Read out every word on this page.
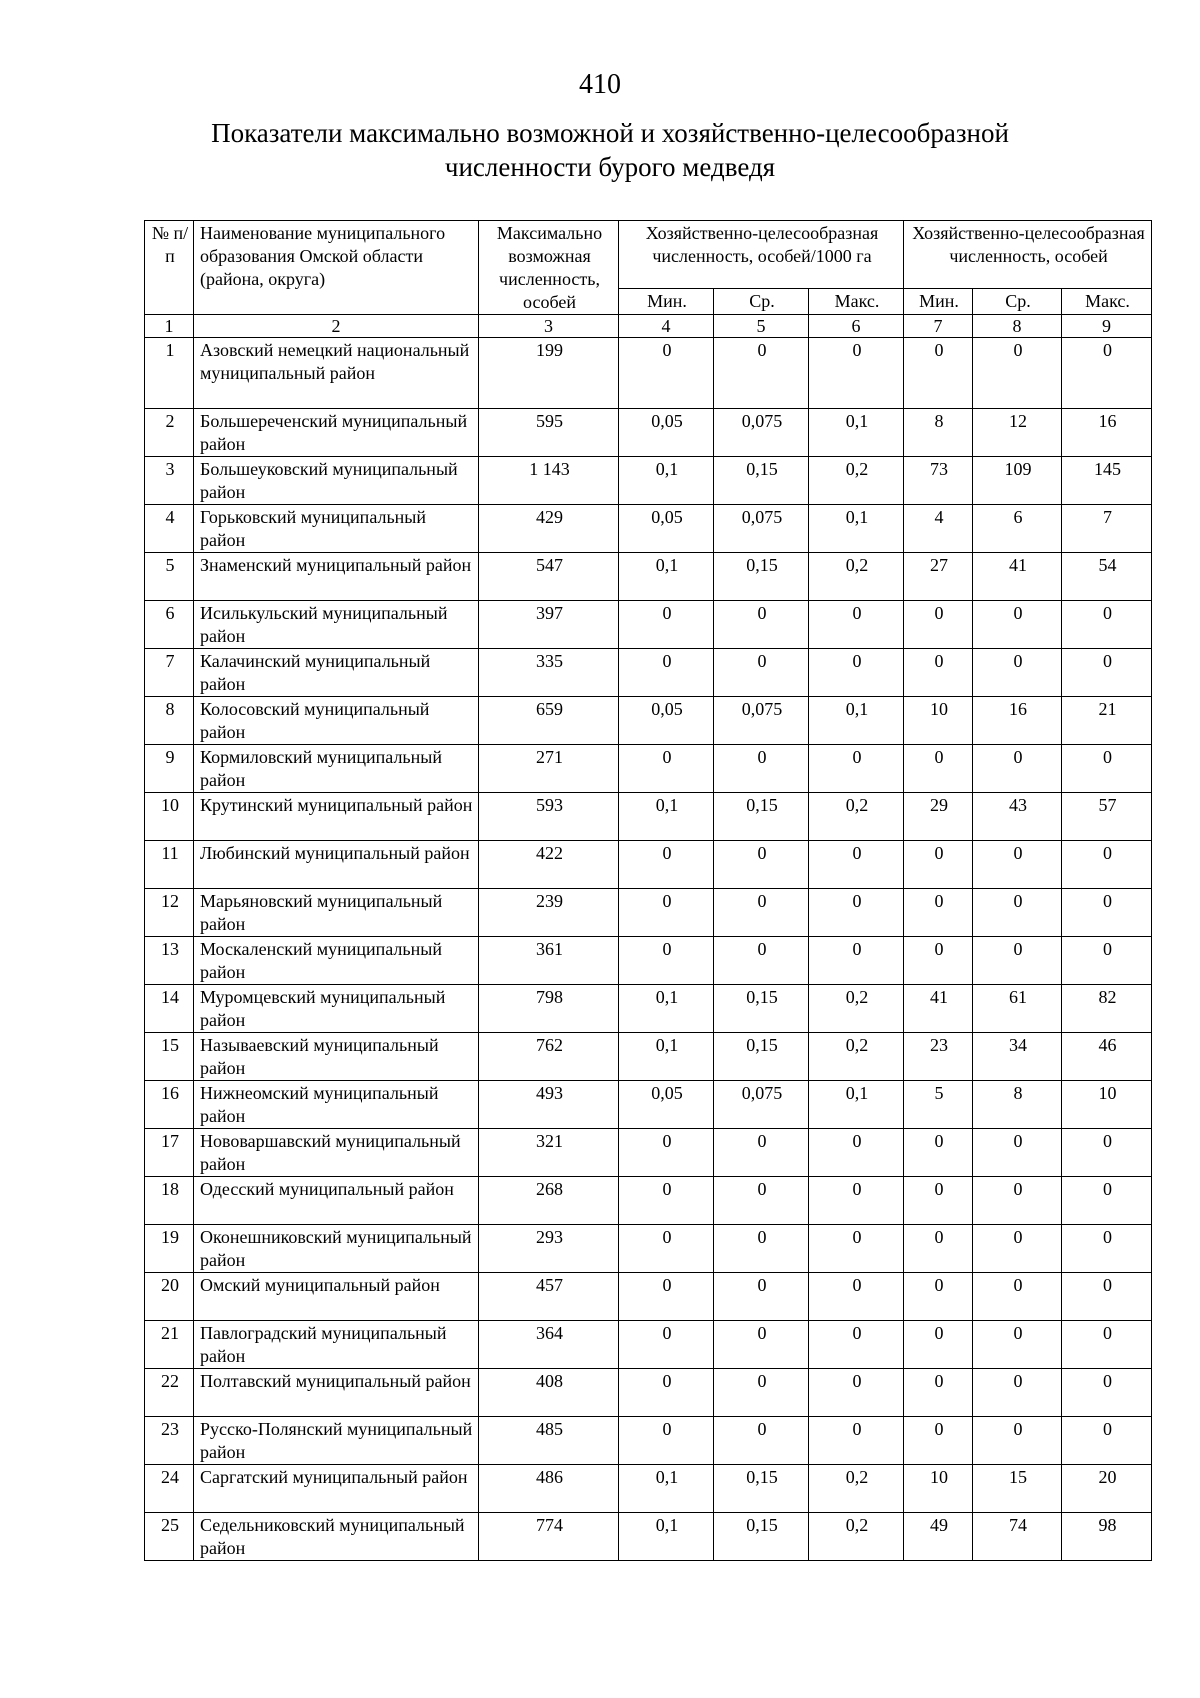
410
Показатели максимально возможной и хозяйственно-целесообразной
численности бурого медведя
№ п/п	Наименование муниципального образования Омской области (района, округа)	Максимально возможная численность, особей	Хозяйственно-целесообразная численность, особей/1000 га			Хозяйственно-целесообразная численность, особей		
			Мин.	Ср.	Макс.	Мин.	Ср.	Макс.
1	2	3	4	5	6	7	8	9
1	Азовский немецкий национальный муниципальный район	199	0	0	0	0	0	0
2	Большереченский муниципальный район	595	0,05	0,075	0,1	8	12	16
3	Большеуковский муниципальный район	1 143	0,1	0,15	0,2	73	109	145
4	Горьковский муниципальный район	429	0,05	0,075	0,1	4	6	7
5	Знаменский муниципальный район	547	0,1	0,15	0,2	27	41	54
6	Исилькульский муниципальный район	397	0	0	0	0	0	0
7	Калачинский муниципальный район	335	0	0	0	0	0	0
8	Колосовский муниципальный район	659	0,05	0,075	0,1	10	16	21
9	Кормиловский муниципальный район	271	0	0	0	0	0	0
10	Крутинский муниципальный район	593	0,1	0,15	0,2	29	43	57
11	Любинский муниципальный район	422	0	0	0	0	0	0
12	Марьяновский муниципальный район	239	0	0	0	0	0	0
13	Москаленский муниципальный район	361	0	0	0	0	0	0
14	Муромцевский муниципальный район	798	0,1	0,15	0,2	41	61	82
15	Называевский муниципальный район	762	0,1	0,15	0,2	23	34	46
16	Нижнеомский муниципальный район	493	0,05	0,075	0,1	5	8	10
17	Нововаршавский муниципальный район	321	0	0	0	0	0	0
18	Одесский муниципальный район	268	0	0	0	0	0	0
19	Оконешниковский муниципальный район	293	0	0	0	0	0	0
20	Омский муниципальный район	457	0	0	0	0	0	0
21	Павлоградский муниципальный район	364	0	0	0	0	0	0
22	Полтавский муниципальный район	408	0	0	0	0	0	0
23	Русско-Полянский муниципальный район	485	0	0	0	0	0	0
24	Саргатский муниципальный район	486	0,1	0,15	0,2	10	15	20
25	Седельниковский муниципальный район	774	0,1	0,15	0,2	49	74	98
